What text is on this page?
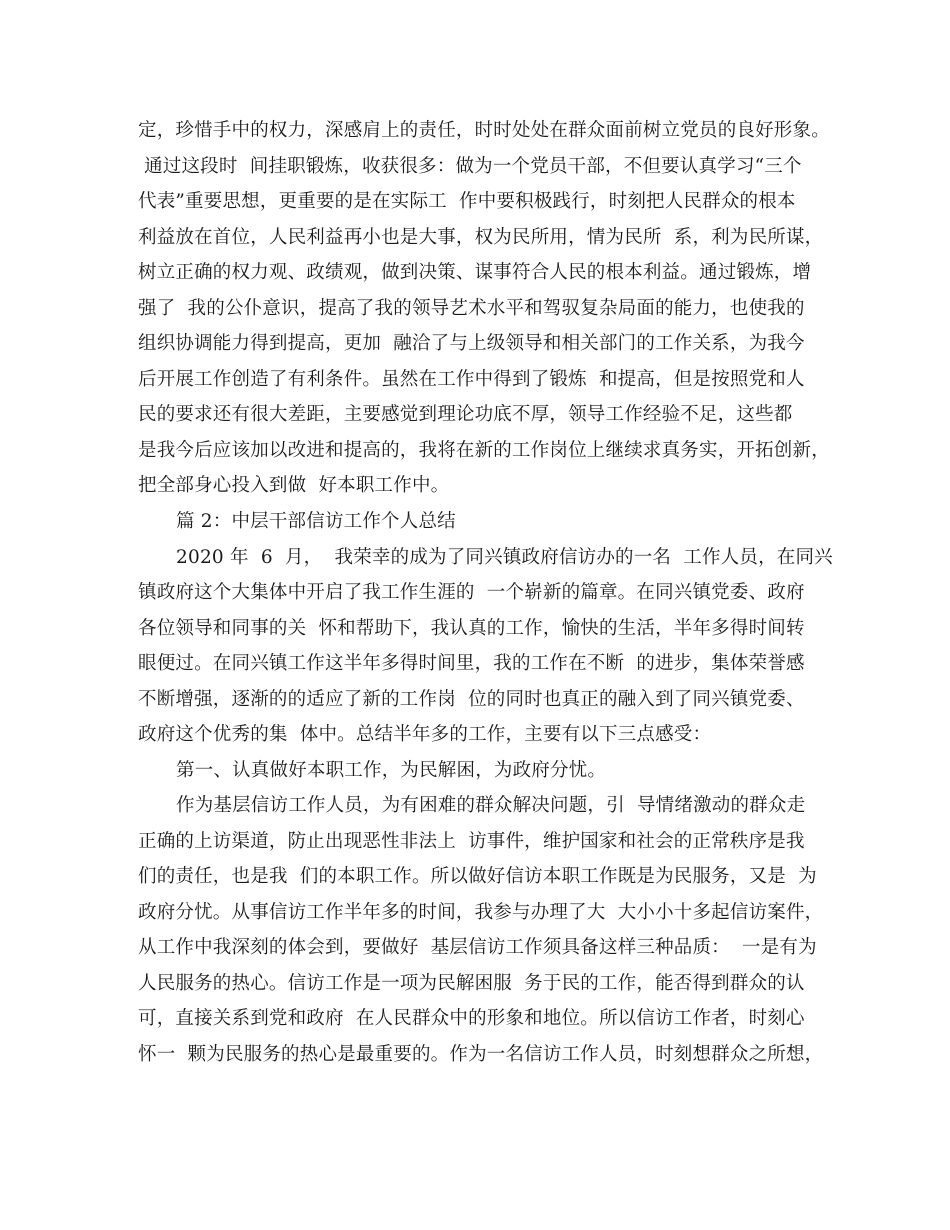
定，珍惜手中的权力，深感肩上的责任，时时处处在群众面前树立党员的良好形象。
通过这段时  间挂职锻炼，收获很多：做为一个党员干部，不但要认真学习“三个
代表”重要思想，更重要的是在实际工  作中要积极践行，时刻把人民群众的根本
利益放在首位，人民利益再小也是大事，权为民所用，情为民所  系，利为民所谋，
树立正确的权力观、政绩观，做到决策、谋事符合人民的根本利益。通过锻炼，增
强了  我的公仆意识，提高了我的领导艺术水平和驾驭复杂局面的能力，也使我的
组织协调能力得到提高，更加  融洽了与上级领导和相关部门的工作关系，为我今
后开展工作创造了有利条件。虽然在工作中得到了锻炼  和提高，但是按照党和人
民的要求还有很大差距，主要感觉到理论功底不厚，领导工作经验不足，这些都
是我今后应该加以改进和提高的，我将在新的工作岗位上继续求真务实，开拓创新，
把全部身心投入到做  好本职工作中。
篇 2：中层干部信访工作个人总结
2020 年  6  月，  我荣幸的成为了同兴镇政府信访办的一名  工作人员，在同兴
镇政府这个大集体中开启了我工作生涯的  一个崭新的篇章。在同兴镇党委、政府
各位领导和同事的关  怀和帮助下，我认真的工作，愉快的生活，半年多得时间转
眼便过。在同兴镇工作这半年多得时间里，我的工作在不断  的进步，集体荣誉感
不断增强，逐渐的的适应了新的工作岗  位的同时也真正的融入到了同兴镇党委、
政府这个优秀的集  体中。总结半年多的工作，主要有以下三点感受：
第一、认真做好本职工作，为民解困，为政府分忧。
作为基层信访工作人员，为有困难的群众解决问题，引  导情绪激动的群众走
正确的上访渠道，防止出现恶性非法上  访事件，维护国家和社会的正常秩序是我
们的责任，也是我  们的本职工作。所以做好信访本职工作既是为民服务，又是  为
政府分忧。从事信访工作半年多的时间，我参与办理了大  大小小十多起信访案件，
从工作中我深刻的体会到，要做好  基层信访工作须具备这样三种品质：  一是有为
人民服务的热心。信访工作是一项为民解困服  务于民的工作，能否得到群众的认
可，直接关系到党和政府  在人民群众中的形象和地位。所以信访工作者，时刻心
怀一  颗为民服务的热心是最重要的。作为一名信访工作人员，时刻想群众之所想，
